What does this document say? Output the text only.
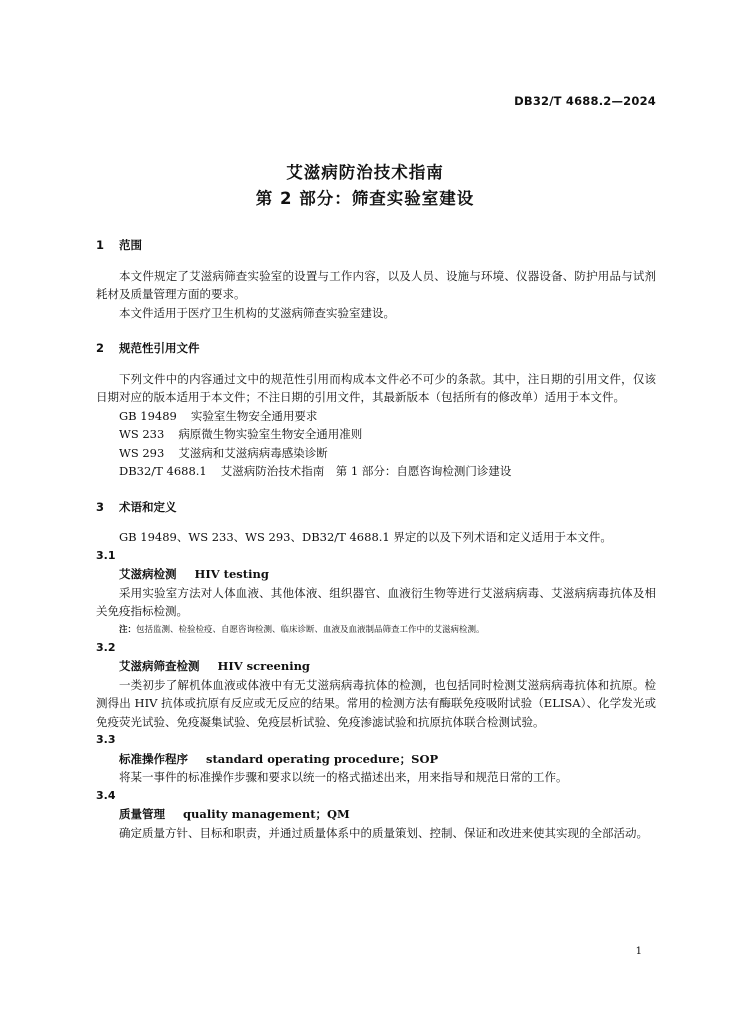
DB32/T 4688.2—2024
艾滋病防治技术指南
第 2 部分：筛查实验室建设
1 范围

本文件规定了艾滋病筛查实验室的设置与工作内容，以及人员、设施与环境、仪器设备、防护用品与试剂耗材及质量管理方面的要求。

本文件适用于医疗卫生机构的艾滋病筛查实验室建设。

2 规范性引用文件

下列文件中的内容通过文中的规范性引用而构成本文件必不可少的条款。其中，注日期的引用文件，仅该日期对应的版本适用于本文件；不注日期的引用文件，其最新版本（包括所有的修改单）适用于本文件。

GB 19489 实验室生物安全通用要求
WS 233 病原微生物实验室生物安全通用准则
WS 293 艾滋病和艾滋病病毒感染诊断
DB32/T 4688.1 艾滋病防治技术指南　第 1 部分：自愿咨询检测门诊建设
3 术语和定义

GB 19489、WS 233、WS 293、DB32/T 4688.1 界定的以及下列术语和定义适用于本文件。

3.1
艾滋病检测 HIV testing

采用实验室方法对人体血液、其他体液、组织器官、血液衍生物等进行艾滋病病毒、艾滋病病毒抗体及相关免疫指标检测。

注：包括监测、检验检疫、自愿咨询检测、临床诊断、血液及血液制品筛查工作中的艾滋病检测。
3.2
艾滋病筛查检测 HIV screening

一类初步了解机体血液或体液中有无艾滋病病毒抗体的检测，也包括同时检测艾滋病病毒抗体和抗原。检测得出 HIV 抗体或抗原有反应或无反应的结果。常用的检测方法有酶联免疫吸附试验（ELISA）、化学发光或免疫荧光试验、免疫凝集试验、免疫层析试验、免疫渗滤试验和抗原抗体联合检测试验。

3.3
标准操作程序 standard operating procedure；SOP

将某一事件的标准操作步骤和要求以统一的格式描述出来，用来指导和规范日常的工作。

3.4
质量管理 quality management；QM

确定质量方针、目标和职责，并通过质量体系中的质量策划、控制、保证和改进来使其实现的全部活动。

1
